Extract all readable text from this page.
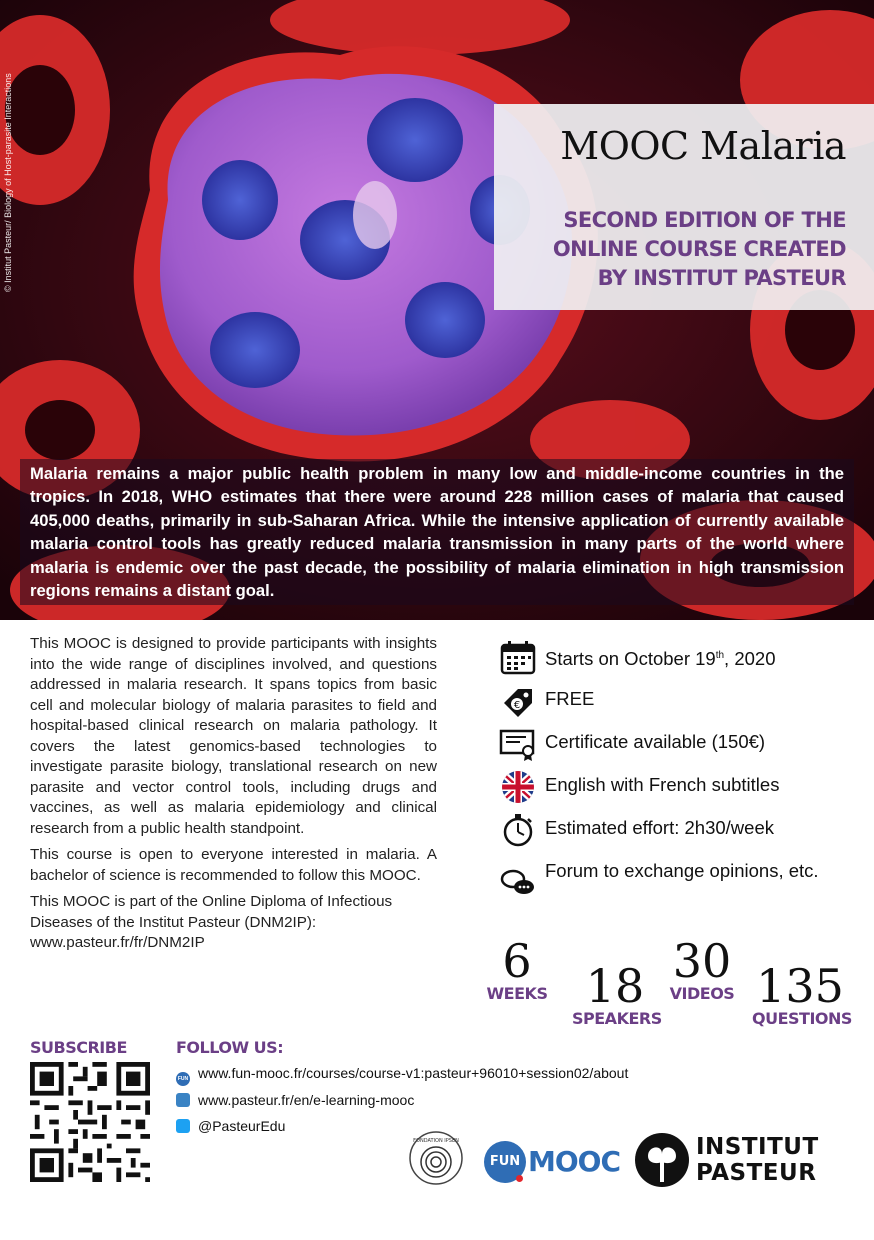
© Institut Pasteur/ Biology of Host-parasite Interactions	MOOC Malaria
SECOND EDITION OF THE ONLINE COURSE CREATED BY INSTITUT PASTEUR
Malaria remains a major public health problem in many low and middle-income countries in the tropics. In 2018, WHO estimates that there were around 228 million cases of malaria that caused 405,000 deaths, primarily in sub-Saharan Africa. While the intensive application of currently available malaria control tools has greatly reduced malaria transmission in many parts of the world where malaria is endemic over the past decade, the possibility of malaria elimination in high transmission regions remains a distant goal.

This MOOC is designed to provide participants with insights into the wide range of disciplines involved, and questions addressed in malaria research. It spans topics from basic cell and molecular biology of malaria parasites to field and hospital-based clinical research on malaria pathology. It covers the latest genomics-based technologies to investigate parasite biology, translational research on new parasite and vector control tools, including drugs and vaccines, as well as malaria epidemiology and clinical research from a public health standpoint.

This course is open to everyone interested in malaria. A bachelor of science is recommended to follow this MOOC.

This MOOC is part of the Online Diploma of Infectious Diseases of the Institut Pasteur (DNM2IP): www.pasteur.fr/fr/DNM2IP

Starts on October 19th, 2020
€ FREE
Certificate available (150€)
English with French subtitles
Estimated effort: 2h30/week
Forum to exchange opinions, etc.
6
WEEKS 18
SPEAKERS
30
VIDEOS 135
QUESTIONS
SUBSCRIBE	FOLLOW US:
FUN www.fun-mooc.fr/courses/course-v1:pasteur+96010+session02/about
www.pasteur.fr/en/e-learning-mooc
@PasteurEdu
FONDATION IPSEN
FUN MOOC	INSTITUT
PASTEUR
